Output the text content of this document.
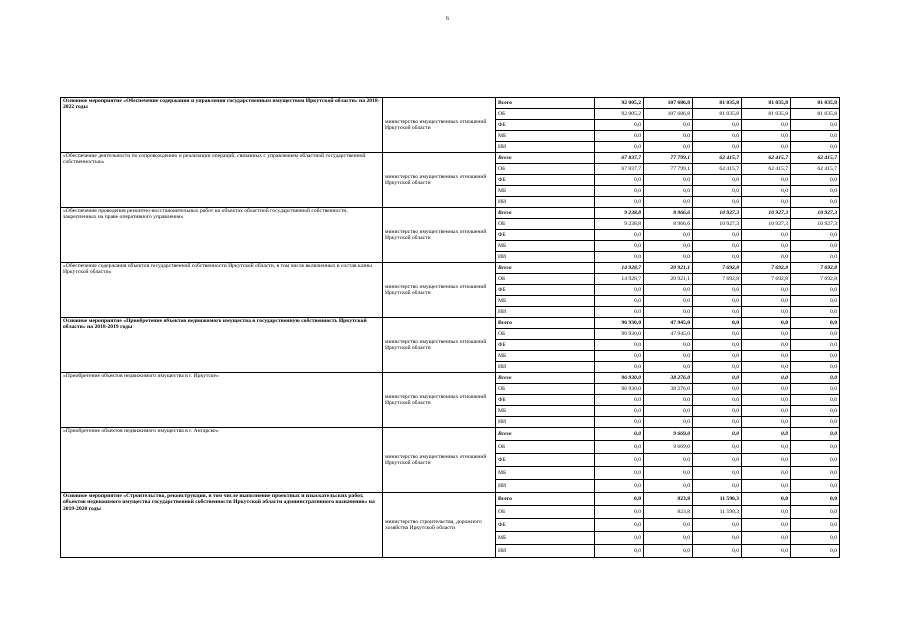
6
Основное мероприятие «Обеспечение содержания и управления государственным имуществом Иркутской области» на 2018-2022 годы	министерство имущественных отношений Иркутской области	Всего	92 005,2	107 686,8	81 035,8	81 035,8	81 035,8
		ОБ	92 005,2	107 686,8	81 035,8	81 035,8	81 035,8
		ФБ	0,0	0,0	0,0	0,0	0,0
		МБ	0,0	0,0	0,0	0,0	0,0
		ИИ	0,0	0,0	0,0	0,0	0,0
«Обеспечение деятельности по сопровождению и реализации операций, связанных с управлением областной государственной собственностью»	министерство имущественных отношений Иркутской области	Всего	67 837,7	77 799,1	62 415,7	62 415,7	62 415,7
		ОБ	67 837,7	77 799,1	62 415,7	62 415,7	62 415,7
		ФБ	0,0	0,0	0,0	0,0	0,0
		МБ	0,0	0,0	0,0	0,0	0,0
		ИИ	0,0	0,0	0,0	0,0	0,0
«Обеспечение проведения ремонтно-восстановительных работ на объектах областной государственной собственности, закрепленных на праве оперативного управления»	министерство имущественных отношений Иркутской области	Всего	9 238,8	8 966,6	10 927,3	10 927,3	10 927,3
		ОБ	9 238,8	8 966,6	10 927,3	10 927,3	10 927,3
		ФБ	0,0	0,0	0,0	0,0	0,0
		МБ	0,0	0,0	0,0	0,0	0,0
		ИИ	0,0	0,0	0,0	0,0	0,0
«Обеспечение содержания объектов государственной собственности Иркутской области, в том числе включенных в состав казны Иркутской области»	министерство имущественных отношений Иркутской области	Всего	14 928,7	20 921,1	7 692,8	7 692,8	7 692,8
		ОБ	14 928,7	20 921,1	7 692,8	7 692,8	7 692,8
		ФБ	0,0	0,0	0,0	0,0	0,0
		МБ	0,0	0,0	0,0	0,0	0,0
		ИИ	0,0	0,0	0,0	0,0	0,0
Основное мероприятие «Приобретение объектов недвижимого имущества в государственную собственность Иркутской области» на 2018-2019 годы	министерство имущественных отношений Иркутской области	Всего	96 930,0	47 945,0	0,0	0,0	0,0
		ОБ	96 930,0	47 945,0	0,0	0,0	0,0
		ФБ	0,0	0,0	0,0	0,0	0,0
		МБ	0,0	0,0	0,0	0,0	0,0
		ИИ	0,0	0,0	0,0	0,0	0,0
«Приобретение объектов недвижимого имущества в г. Иркутске»	министерство имущественных отношений Иркутской области	Всего	96 930,0	38 276,0	0,0	0,0	0,0
		ОБ	96 930,0	38 276,0	0,0	0,0	0,0
		ФБ	0,0	0,0	0,0	0,0	0,0
		МБ	0,0	0,0	0,0	0,0	0,0
		ИИ	0,0	0,0	0,0	0,0	0,0
«Приобретение объектов недвижимого имущества в г. Ангарске»	министерство имущественных отношений Иркутской области	Всего	0,0	9 669,0	0,0	0,0	0,0
		ОБ	0,0	9 669,0	0,0	0,0	0,0
		ФБ	0,0	0,0	0,0	0,0	0,0
		МБ	0,0	0,0	0,0	0,0	0,0
		ИИ	0,0	0,0	0,0	0,0	0,0
Основное мероприятие «Строительство, реконструкция, в том числе выполнение проектных и изыскательских работ, объектов недвижимого имущества государственной собственности Иркутской области административного назначения» на 2019-2020 годы	министерство строительства, дорожного хозяйства Иркутской области	Всего	0,0	823,8	11 590,3	0,0	0,0
		ОБ	0,0	823,8	11 590,3	0,0	0,0
		ФБ	0,0	0,0	0,0	0,0	0,0
		МБ	0,0	0,0	0,0	0,0	0,0
		ИИ	0,0	0,0	0,0	0,0	0,0
